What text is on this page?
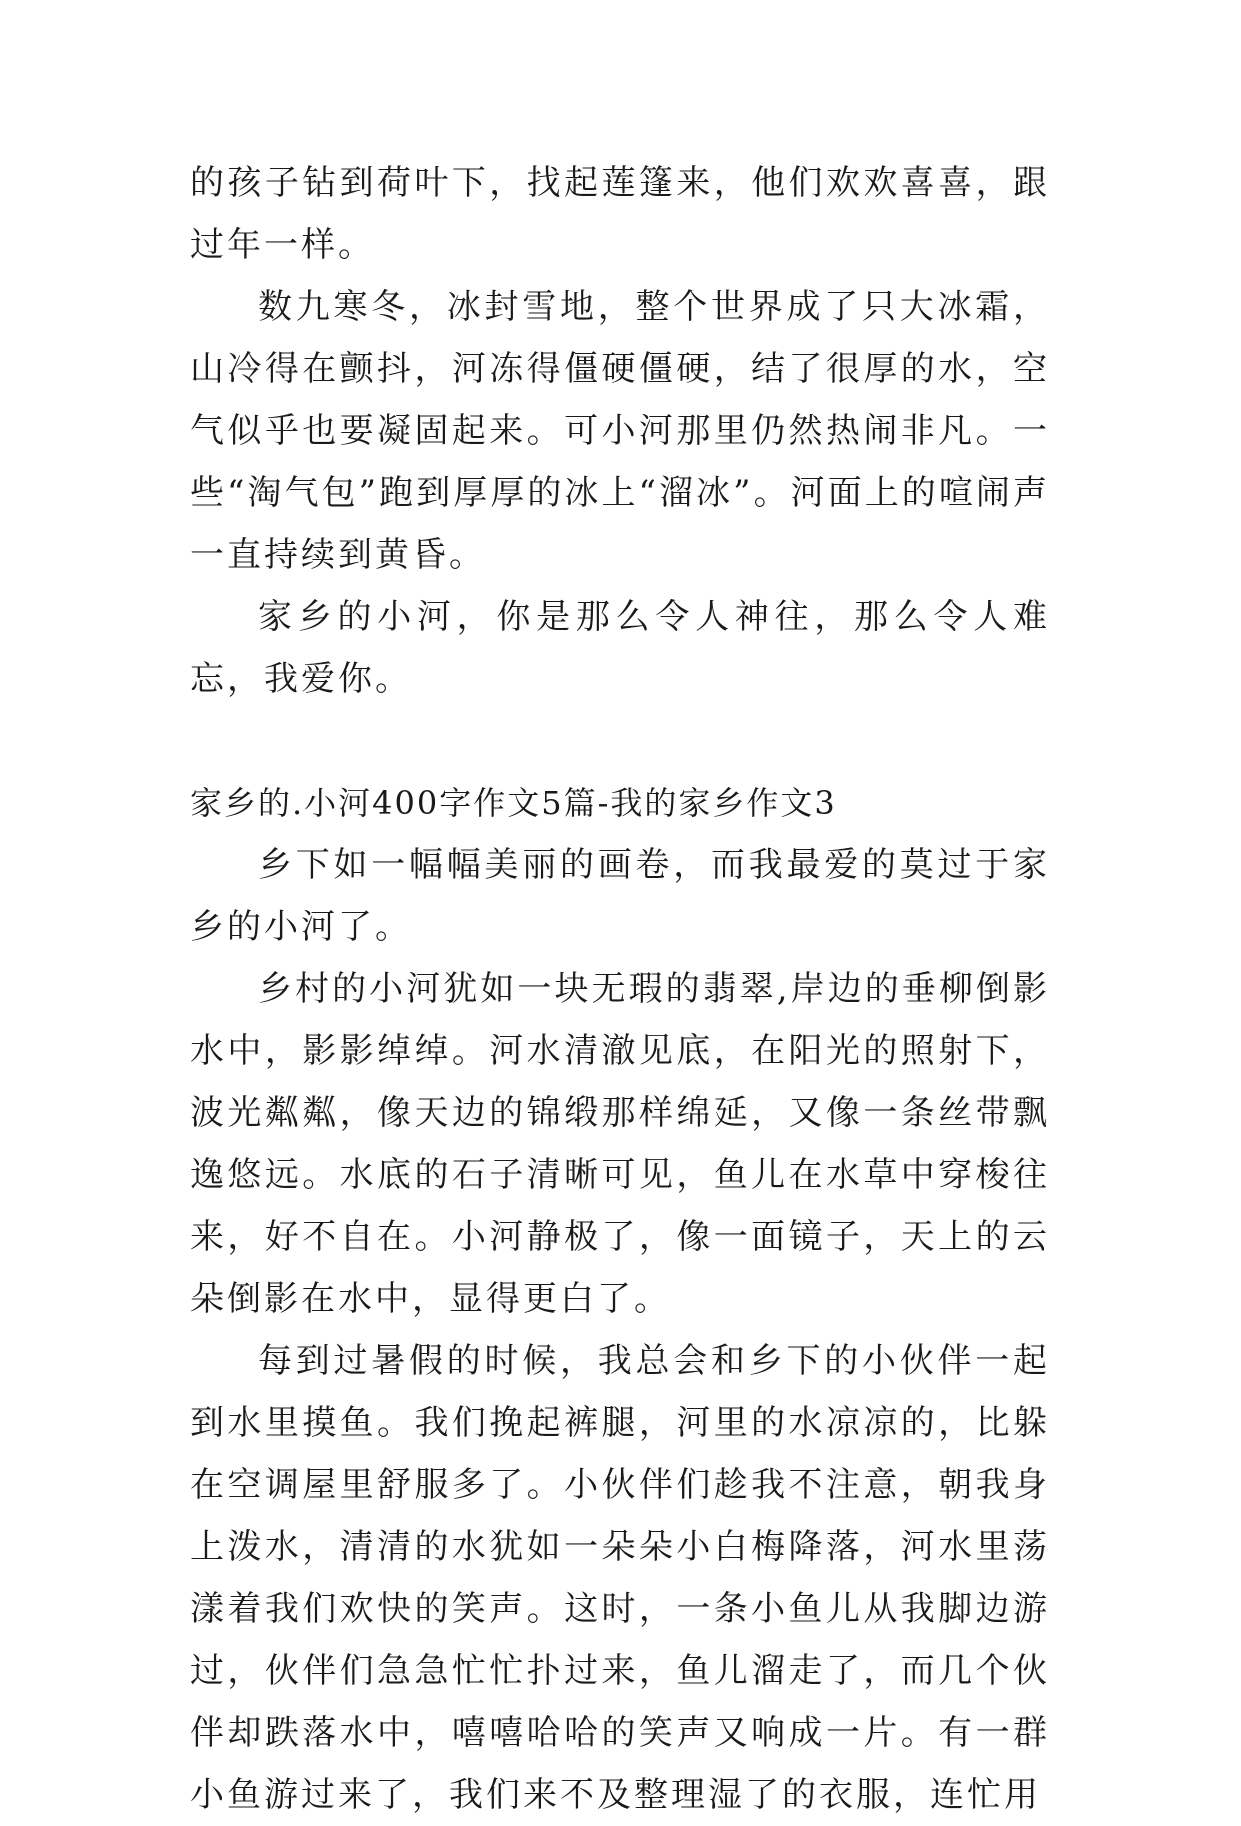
的孩子钻到荷叶下，找起莲篷来，他们欢欢喜喜，跟过年一样。

数九寒冬，冰封雪地，整个世界成了只大冰霜，山冷得在颤抖，河冻得僵硬僵硬，结了很厚的水，空气似乎也要凝固起来。可小河那里仍然热闹非凡。一些“淘气包”跑到厚厚的冰上“溜冰”。河面上的喧闹声一直持续到黄昏。

家乡的小河，你是那么令人神往，那么令人难忘，我爱你。

家乡的.小河400字作文5篇-我的家乡作文3

乡下如一幅幅美丽的画卷，而我最爱的莫过于家乡的小河了。

乡村的小河犹如一块无瑕的翡翠,岸边的垂柳倒影水中，影影绰绰。河水清澈见底，在阳光的照射下，波光粼粼，像天边的锦缎那样绵延，又像一条丝带飘逸悠远。水底的石子清晰可见，鱼儿在水草中穿梭往来，好不自在。小河静极了，像一面镜子，天上的云朵倒影在水中，显得更白了。

每到过暑假的时候，我总会和乡下的小伙伴一起到水里摸鱼。我们挽起裤腿，河里的水凉凉的，比躲在空调屋里舒服多了。小伙伴们趁我不注意，朝我身上泼水，清清的水犹如一朵朵小白梅降落，河水里荡漾着我们欢快的笑声。这时，一条小鱼儿从我脚边游过，伙伴们急急忙忙扑过来，鱼儿溜走了，而几个伙伴却跌落水中，嘻嘻哈哈的笑声又响成一片。有一群小鱼游过来了，我们来不及整理湿了的衣服，连忙用
